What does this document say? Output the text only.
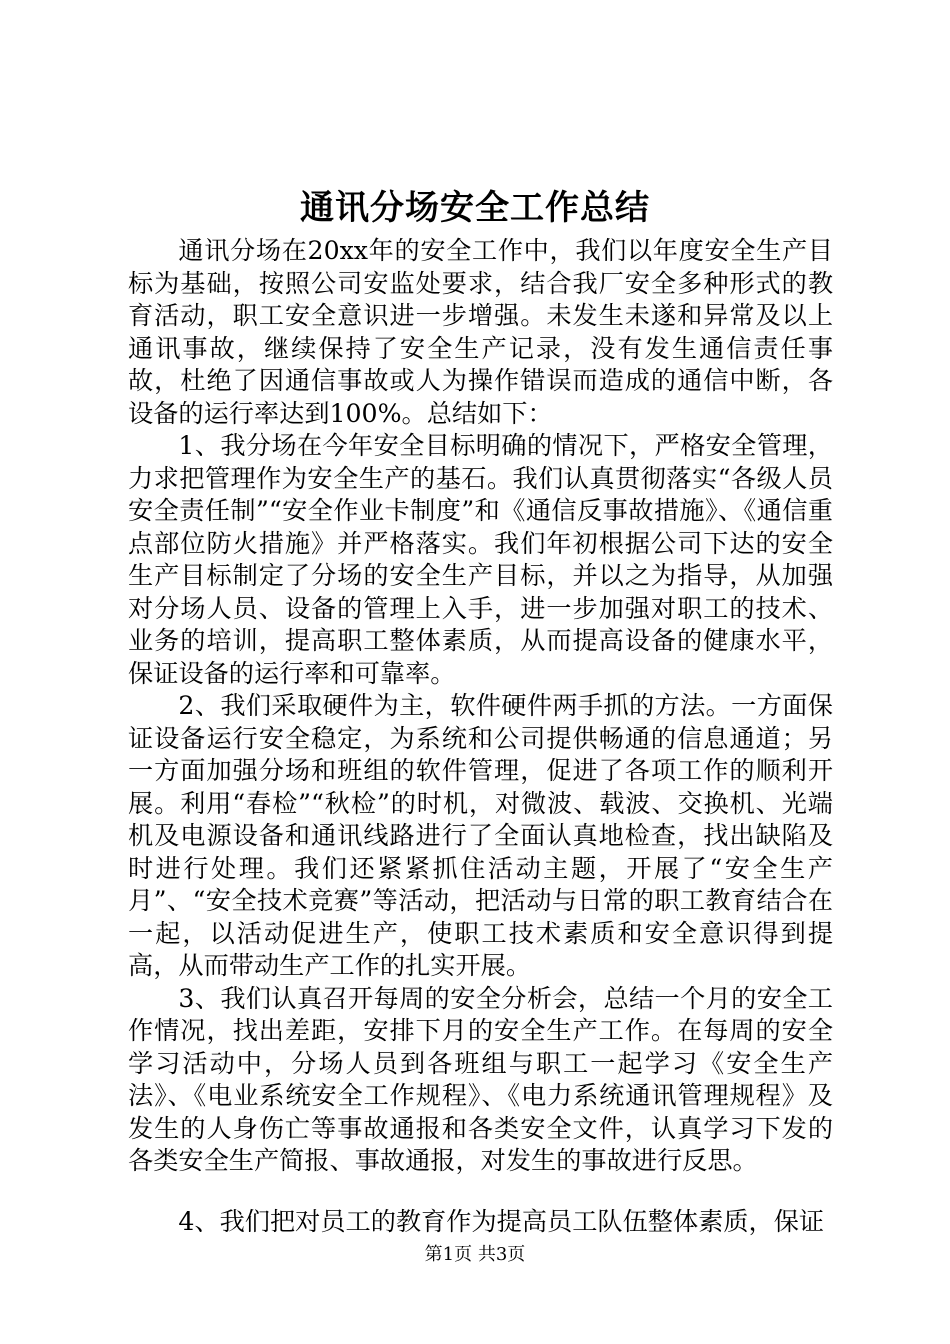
通讯分场安全工作总结

通讯分场在20xx年的安全工作中，我们以年度安全生产目标为基础，按照公司安监处要求，结合我厂安全多种形式的教育活动，职工安全意识进一步增强。未发生未遂和异常及以上通讯事故，继续保持了安全生产记录，没有发生通信责任事故，杜绝了因通信事故或人为操作错误而造成的通信中断，各设备的运行率达到100%。总结如下：

1、我分场在今年安全目标明确的情况下，严格安全管理，力求把管理作为安全生产的基石。我们认真贯彻落实“各级人员安全责任制”“安全作业卡制度”和《通信反事故措施》、《通信重点部位防火措施》并严格落实。我们年初根据公司下达的安全生产目标制定了分场的安全生产目标，并以之为指导，从加强对分场人员、设备的管理上入手，进一步加强对职工的技术、业务的培训，提高职工整体素质，从而提高设备的健康水平，保证设备的运行率和可靠率。

2、我们采取硬件为主，软件硬件两手抓的方法。一方面保证设备运行安全稳定，为系统和公司提供畅通的信息通道；另一方面加强分场和班组的软件管理，促进了各项工作的顺利开展。利用“春检”“秋检”的时机，对微波、载波、交换机、光端机及电源设备和通讯线路进行了全面认真地检查，找出缺陷及时进行处理。我们还紧紧抓住活动主题，开展了“安全生产月”、“安全技术竞赛”等活动，把活动与日常的职工教育结合在一起，以活动促进生产，使职工技术素质和安全意识得到提高，从而带动生产工作的扎实开展。

3、我们认真召开每周的安全分析会，总结一个月的安全工作情况，找出差距，安排下月的安全生产工作。在每周的安全学习活动中，分场人员到各班组与职工一起学习《安全生产法》、《电业系统安全工作规程》、《电力系统通讯管理规程》及发生的人身伤亡等事故通报和各类安全文件，认真学习下发的各类安全生产简报、事故通报，对发生的事故进行反思。

4、我们把对员工的教育作为提高员工队伍整体素质，保证

第1页 共3页
